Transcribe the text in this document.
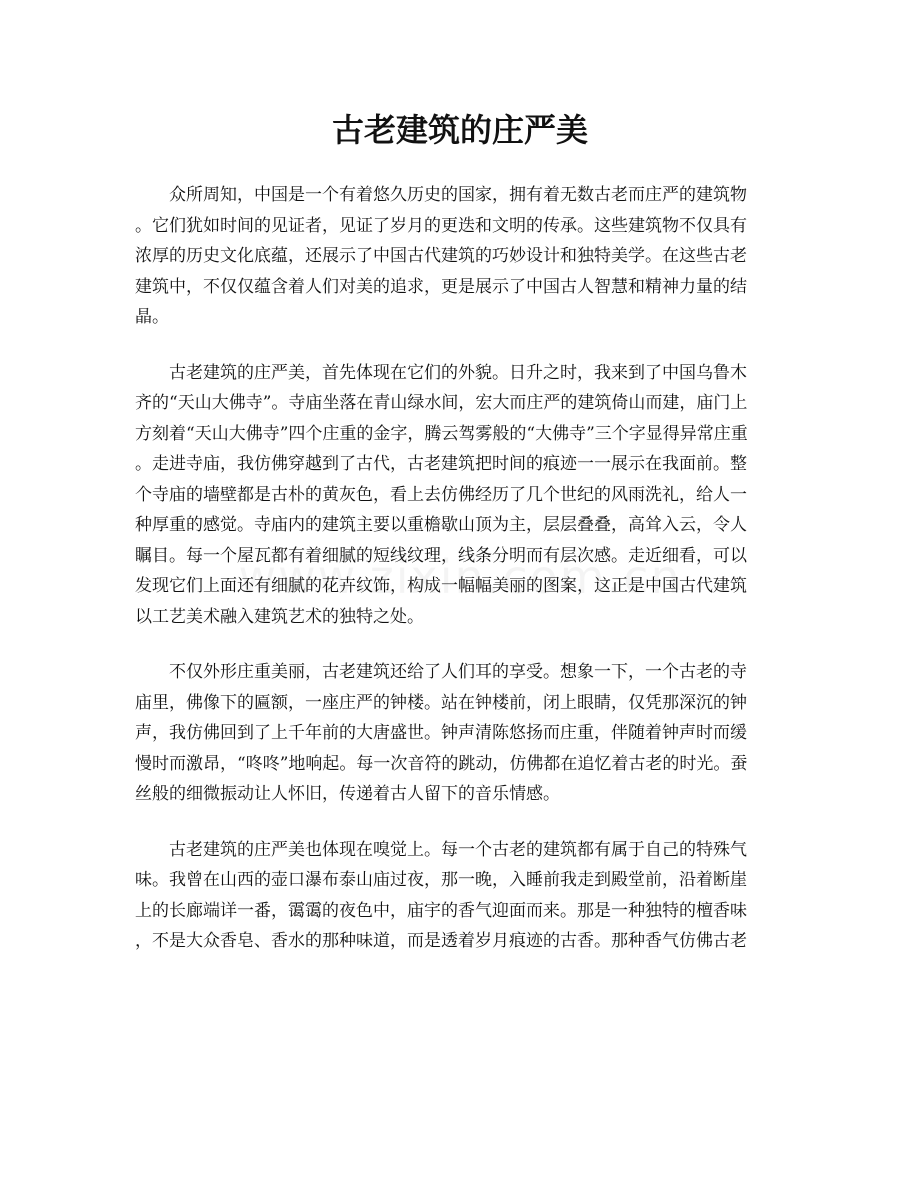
古老建筑的庄严美

众所周知，中国是一个有着悠久历史的国家，拥有着无数古老而庄严的建筑物
。它们犹如时间的见证者，见证了岁月的更迭和文明的传承。这些建筑物不仅具有
浓厚的历史文化底蕴，还展示了中国古代建筑的巧妙设计和独特美学。在这些古老
建筑中，不仅仅蕴含着人们对美的追求，更是展示了中国古人智慧和精神力量的结
晶。

古老建筑的庄严美，首先体现在它们的外貌。日升之时，我来到了中国乌鲁木
齐的“天山大佛寺”。寺庙坐落在青山绿水间，宏大而庄严的建筑倚山而建，庙门上
方刻着“天山大佛寺”四个庄重的金字，腾云驾雾般的“大佛寺”三个字显得异常庄重
。走进寺庙，我仿佛穿越到了古代，古老建筑把时间的痕迹一一展示在我面前。整
个寺庙的墙壁都是古朴的黄灰色，看上去仿佛经历了几个世纪的风雨洗礼，给人一
种厚重的感觉。寺庙内的建筑主要以重檐歇山顶为主，层层叠叠，高耸入云，令人
瞩目。每一个屋瓦都有着细腻的短线纹理，线条分明而有层次感。走近细看，可以
发现它们上面还有细腻的花卉纹饰，构成一幅幅美丽的图案，这正是中国古代建筑
以工艺美术融入建筑艺术的独特之处。

不仅外形庄重美丽，古老建筑还给了人们耳的享受。想象一下，一个古老的寺
庙里，佛像下的匾额，一座庄严的钟楼。站在钟楼前，闭上眼睛，仅凭那深沉的钟
声，我仿佛回到了上千年前的大唐盛世。钟声清陈悠扬而庄重，伴随着钟声时而缓
慢时而激昂，“咚咚”地响起。每一次音符的跳动，仿佛都在追忆着古老的时光。蚕
丝般的细微振动让人怀旧，传递着古人留下的音乐情感。

古老建筑的庄严美也体现在嗅觉上。每一个古老的建筑都有属于自己的特殊气
味。我曾在山西的壶口瀑布泰山庙过夜，那一晚，入睡前我走到殿堂前，沿着断崖
上的长廊端详一番，霭霭的夜色中，庙宇的香气迎面而来。那是一种独特的檀香味
，不是大众香皂、香水的那种味道，而是透着岁月痕迹的古香。那种香气仿佛古老
